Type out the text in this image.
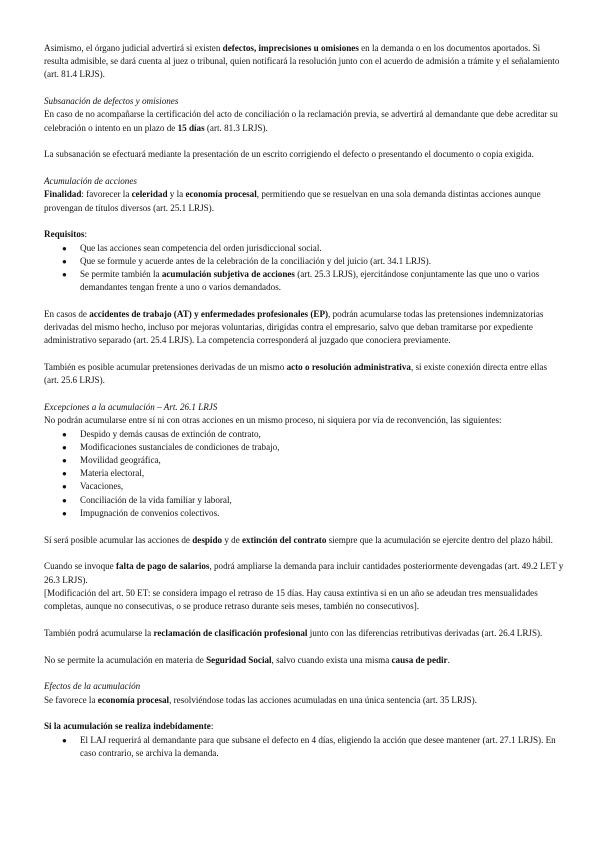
Asimismo, el órgano judicial advertirá si existen defectos, imprecisiones u omisiones en la demanda o en los documentos aportados. Si resulta admisible, se dará cuenta al juez o tribunal, quien notificará la resolución junto con el acuerdo de admisión a trámite y el señalamiento (art. 81.4 LRJS).

Subsanación de defectos y omisiones

En caso de no acompañarse la certificación del acto de conciliación o la reclamación previa, se advertirá al demandante que debe acreditar su celebración o intento en un plazo de 15 días (art. 81.3 LRJS).

La subsanación se efectuará mediante la presentación de un escrito corrigiendo el defecto o presentando el documento o copia exigida.

Acumulación de acciones

Finalidad: favorecer la celeridad y la economía procesal, permitiendo que se resuelvan en una sola demanda distintas acciones aunque provengan de títulos diversos (art. 25.1 LRJS).

Requisitos:

● Que las acciones sean competencia del orden jurisdiccional social.
● Que se formule y acuerde antes de la celebración de la conciliación y del juicio (art. 34.1 LRJS).
● Se permite también la acumulación subjetiva de acciones (art. 25.3 LRJS), ejercitándose conjuntamente las que uno o varios demandantes tengan frente a uno o varios demandados.

En casos de accidentes de trabajo (AT) y enfermedades profesionales (EP), podrán acumularse todas las pretensiones indemnizatorias derivadas del mismo hecho, incluso por mejoras voluntarias, dirigidas contra el empresario, salvo que deban tramitarse por expediente administrativo separado (art. 25.4 LRJS). La competencia corresponderá al juzgado que conociera previamente.

También es posible acumular pretensiones derivadas de un mismo acto o resolución administrativa, si existe conexión directa entre ellas (art. 25.6 LRJS).

Excepciones a la acumulación – Art. 26.1 LRJS

No podrán acumularse entre sí ni con otras acciones en un mismo proceso, ni siquiera por vía de reconvención, las siguientes:

● Despido y demás causas de extinción de contrato,
● Modificaciones sustanciales de condiciones de trabajo,
● Movilidad geográfica,
● Materia electoral,
● Vacaciones,
● Conciliación de la vida familiar y laboral,
● Impugnación de convenios colectivos.

Sí será posible acumular las acciones de despido y de extinción del contrato siempre que la acumulación se ejercite dentro del plazo hábil.

Cuando se invoque falta de pago de salarios, podrá ampliarse la demanda para incluir cantidades posteriormente devengadas (art. 49.2 LET y 26.3 LRJS).
[Modificación del art. 50 ET: se considera impago el retraso de 15 días. Hay causa extintiva si en un año se adeudan tres mensualidades completas, aunque no consecutivas, o se produce retraso durante seis meses, también no consecutivos].

También podrá acumularse la reclamación de clasificación profesional junto con las diferencias retributivas derivadas (art. 26.4 LRJS).

No se permite la acumulación en materia de Seguridad Social, salvo cuando exista una misma causa de pedir.

Efectos de la acumulación

Se favorece la economía procesal, resolviéndose todas las acciones acumuladas en una única sentencia (art. 35 LRJS).

Si la acumulación se realiza indebidamente:

● El LAJ requerirá al demandante para que subsane el defecto en 4 días, eligiendo la acción que desee mantener (art. 27.1 LRJS). En caso contrario, se archiva la demanda.
